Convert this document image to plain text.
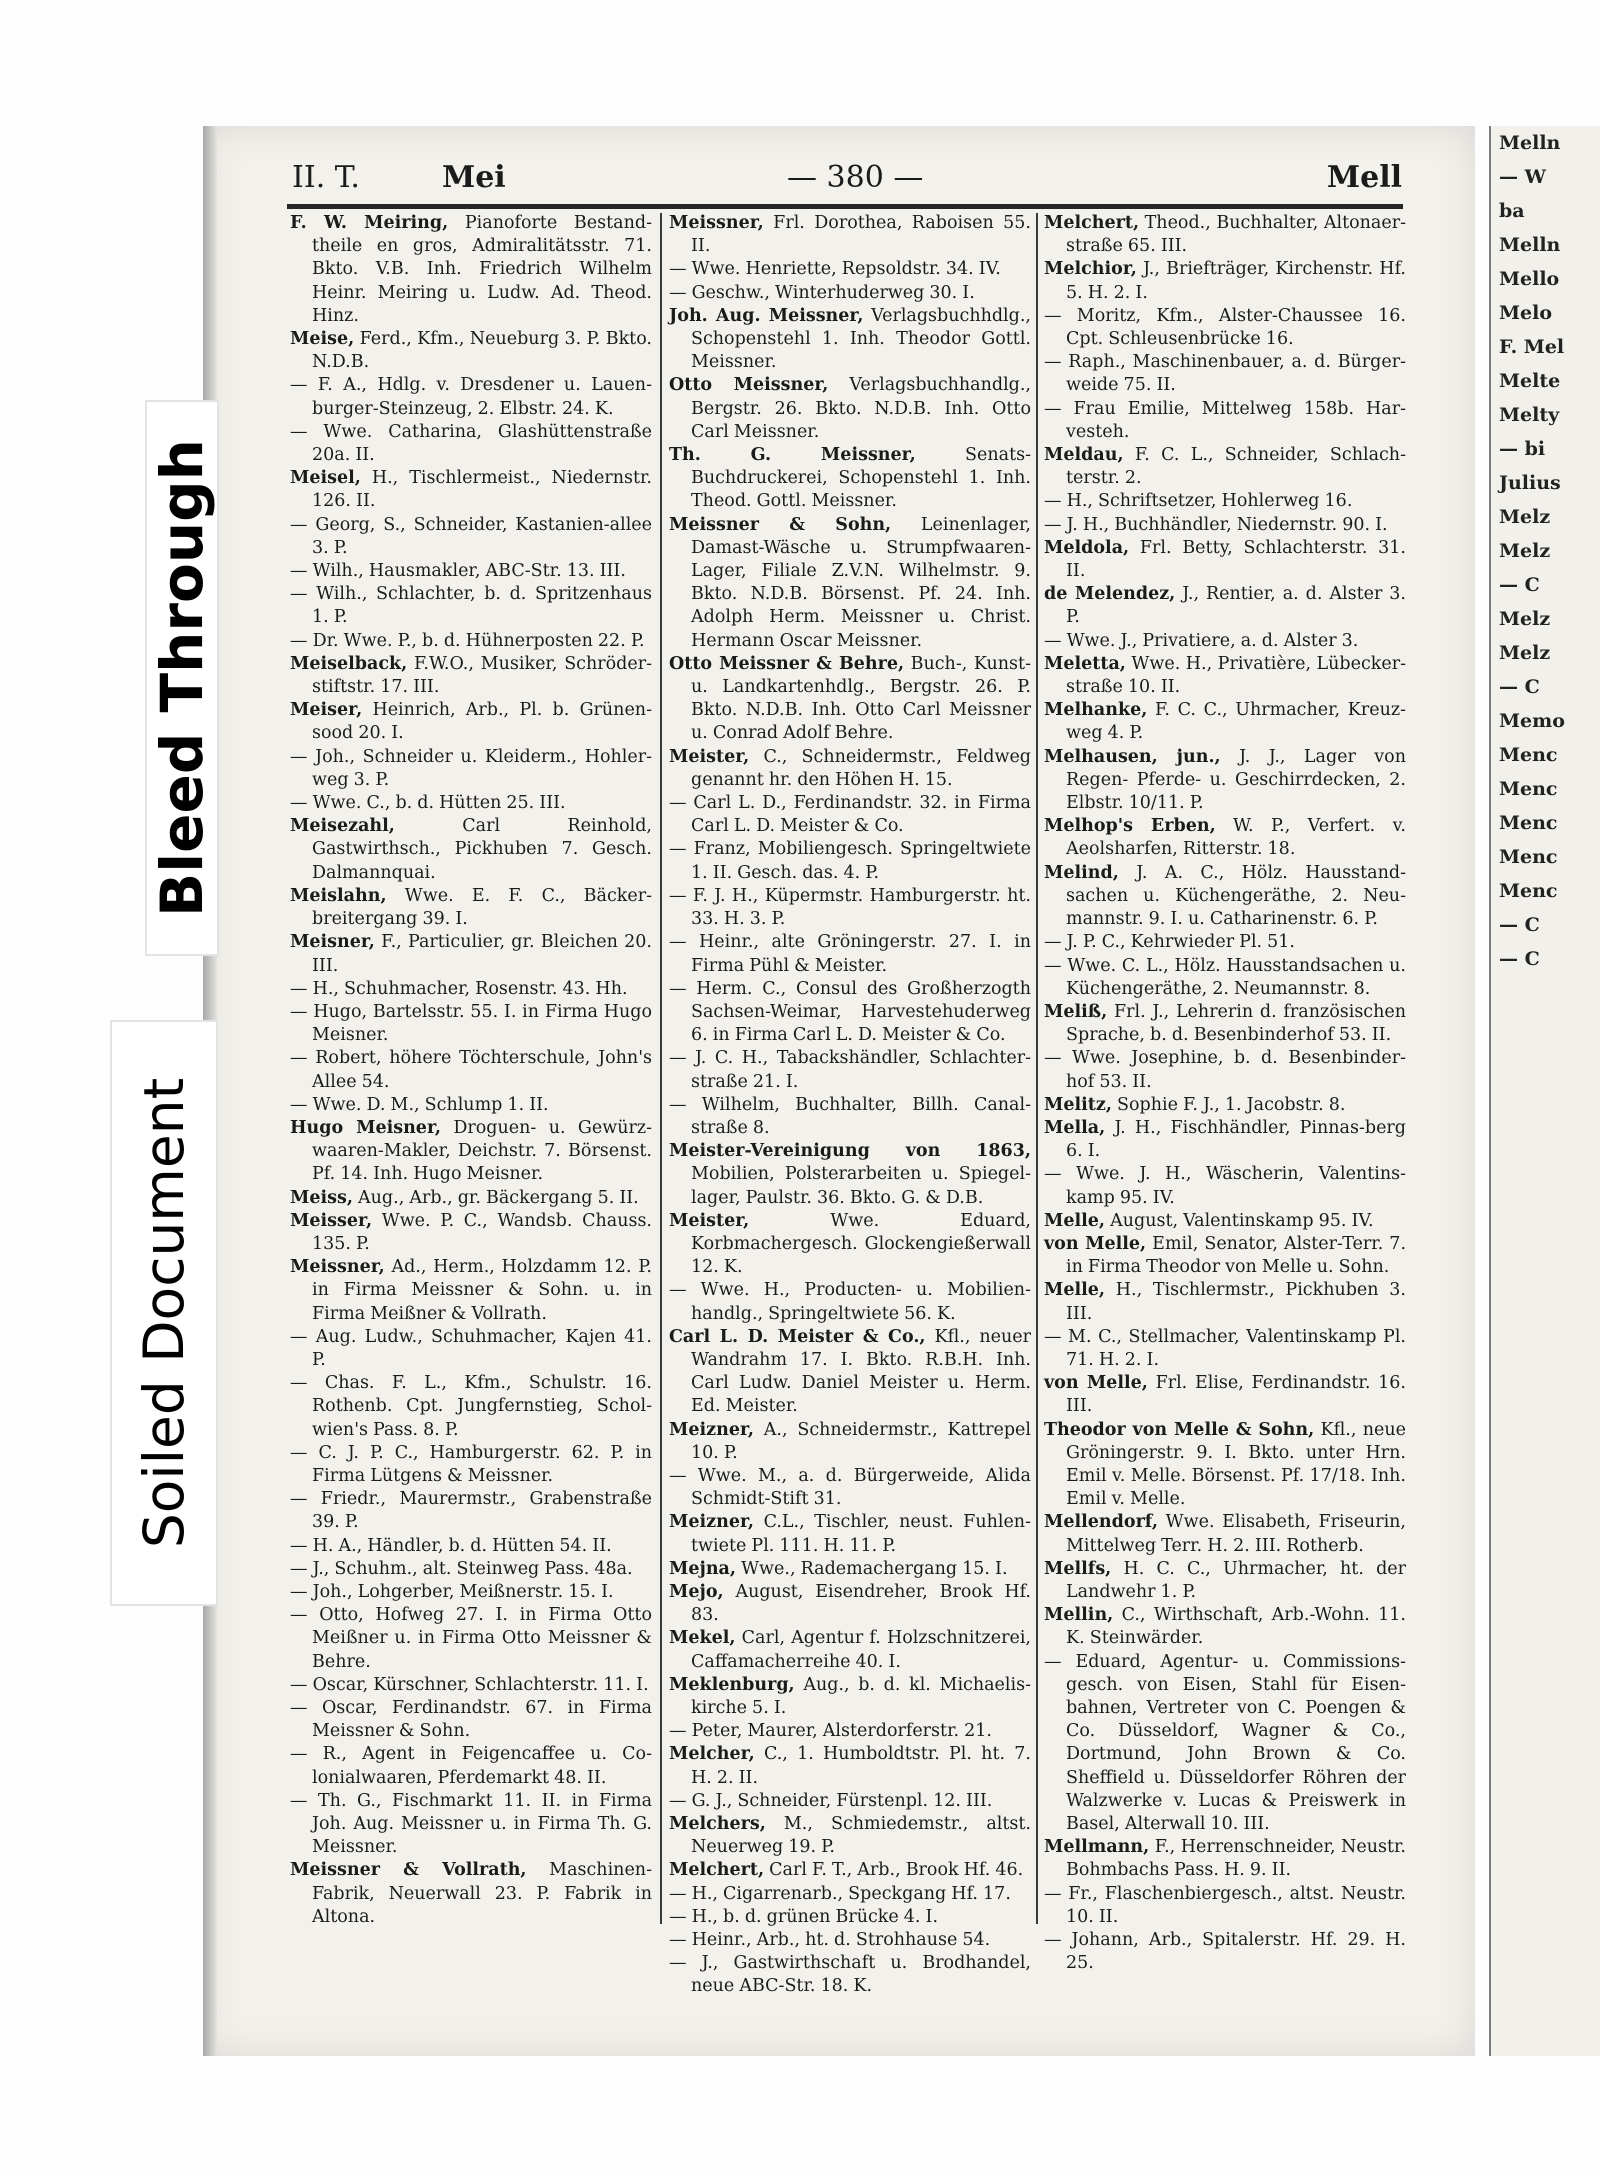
Melln
— W
ba
Melln
Mello
Melo
F. Mel
Melte
Melty
— bi
Julius
Melz
Melz
— C
Melz
Melz
— C
Memo
Menc
Menc
Menc
Menc
Menc
— C
— C
Bleed Through
Soiled Document
II. T.	Mei	— 380 —	Mell
F. W. Meiring, Pianoforte Bestand-theile en gros, Admiralitätsstr. 71. Bkto. V.B. Inh. Friedrich Wilhelm Heinr. Meiring u. Ludw. Ad. Theod. Hinz.
Meise, Ferd., Kfm., Neueburg 3. P. Bkto. N.D.B.
— F. A., Hdlg. v. Dresdener u. Lauen-burger-Steinzeug, 2. Elbstr. 24. K.
— Wwe. Catharina, Glashüttenstraße 20a. II.
Meisel, H., Tischlermeist., Niedernstr. 126. II.
— Georg, S., Schneider, Kastanien-allee 3. P.
— Wilh., Hausmakler, ABC-Str. 13. III.
— Wilh., Schlachter, b. d. Spritzenhaus 1. P.
— Dr. Wwe. P., b. d. Hühnerposten 22. P.
Meiselback, F.W.O., Musiker, Schröder-stiftstr. 17. III.
Meiser, Heinrich, Arb., Pl. b. Grünen-sood 20. I.
— Joh., Schneider u. Kleiderm., Hohler-weg 3. P.
— Wwe. C., b. d. Hütten 25. III.
Meisezahl, Carl Reinhold, Gastwirthsch., Pickhuben 7. Gesch. Dalmannquai.
Meislahn, Wwe. E. F. C., Bäcker-breitergang 39. I.
Meisner, F., Particulier, gr. Bleichen 20. III.
— H., Schuhmacher, Rosenstr. 43. Hh.
— Hugo, Bartelsstr. 55. I. in Firma Hugo Meisner.
— Robert, höhere Töchterschule, John's Allee 54.
— Wwe. D. M., Schlump 1. II.
Hugo Meisner, Droguen- u. Gewürz-waaren-Makler, Deichstr. 7. Börsenst. Pf. 14. Inh. Hugo Meisner.
Meiss, Aug., Arb., gr. Bäckergang 5. II.
Meisser, Wwe. P. C., Wandsb. Chauss. 135. P.
Meissner, Ad., Herm., Holzdamm 12. P. in Firma Meissner & Sohn. u. in Firma Meißner & Vollrath.
— Aug. Ludw., Schuhmacher, Kajen 41. P.
— Chas. F. L., Kfm., Schulstr. 16. Rothenb. Cpt. Jungfernstieg, Schol-wien's Pass. 8. P.
— C. J. P. C., Hamburgerstr. 62. P. in Firma Lütgens & Meissner.
— Friedr., Maurermstr., Grabenstraße 39. P.
— H. A., Händler, b. d. Hütten 54. II.
— J., Schuhm., alt. Steinweg Pass. 48a.
— Joh., Lohgerber, Meißnerstr. 15. I.
— Otto, Hofweg 27. I. in Firma Otto Meißner u. in Firma Otto Meissner & Behre.
— Oscar, Kürschner, Schlachterstr. 11. I.
— Oscar, Ferdinandstr. 67. in Firma Meissner & Sohn.
— R., Agent in Feigencaffee u. Co-lonialwaaren, Pferdemarkt 48. II.
— Th. G., Fischmarkt 11. II. in Firma Joh. Aug. Meissner u. in Firma Th. G. Meissner.
Meissner & Vollrath, Maschinen-Fabrik, Neuerwall 23. P. Fabrik in Altona.
Meissner, Frl. Dorothea, Raboisen 55. II.
— Wwe. Henriette, Repsoldstr. 34. IV.
— Geschw., Winterhuderweg 30. I.
Joh. Aug. Meissner, Verlagsbuchhdlg., Schopenstehl 1. Inh. Theodor Gottl. Meissner.
Otto Meissner, Verlagsbuchhandlg., Bergstr. 26. Bkto. N.D.B. Inh. Otto Carl Meissner.
Th. G. Meissner, Senats-Buchdruckerei, Schopenstehl 1. Inh. Theod. Gottl. Meissner.
Meissner & Sohn, Leinenlager, Damast-Wäsche u. Strumpfwaaren-Lager, Filiale Z.V.N. Wilhelmstr. 9. Bkto. N.D.B. Börsenst. Pf. 24. Inh. Adolph Herm. Meissner u. Christ. Hermann Oscar Meissner.
Otto Meissner & Behre, Buch-, Kunst- u. Landkartenhdlg., Bergstr. 26. P. Bkto. N.D.B. Inh. Otto Carl Meissner u. Conrad Adolf Behre.
Meister, C., Schneidermstr., Feldweg genannt hr. den Höhen H. 15.
— Carl L. D., Ferdinandstr. 32. in Firma Carl L. D. Meister & Co.
— Franz, Mobiliengesch. Springeltwiete 1. II. Gesch. das. 4. P.
— F. J. H., Küpermstr. Hamburgerstr. ht. 33. H. 3. P.
— Heinr., alte Gröningerstr. 27. I. in Firma Pühl & Meister.
— Herm. C., Consul des Großherzogth Sachsen-Weimar, Harvestehuderweg 6. in Firma Carl L. D. Meister & Co.
— J. C. H., Tabackshändler, Schlachter-straße 21. I.
— Wilhelm, Buchhalter, Billh. Canal-straße 8.
Meister-Vereinigung von 1863, Mobilien, Polsterarbeiten u. Spiegel-lager, Paulstr. 36. Bkto. G. & D.B.
Meister, Wwe. Eduard, Korbmachergesch. Glockengießerwall 12. K.
— Wwe. H., Producten- u. Mobilien-handlg., Springeltwiete 56. K.
Carl L. D. Meister & Co., Kfl., neuer Wandrahm 17. I. Bkto. R.B.H. Inh. Carl Ludw. Daniel Meister u. Herm. Ed. Meister.
Meizner, A., Schneidermstr., Kattrepel 10. P.
— Wwe. M., a. d. Bürgerweide, Alida Schmidt-Stift 31.
Meizner, C.L., Tischler, neust. Fuhlen-twiete Pl. 111. H. 11. P.
Mejna, Wwe., Rademachergang 15. I.
Mejo, August, Eisendreher, Brook Hf. 83.
Mekel, Carl, Agentur f. Holzschnitzerei, Caffamacherreihe 40. I.
Meklenburg, Aug., b. d. kl. Michaelis-kirche 5. I.
— Peter, Maurer, Alsterdorferstr. 21.
Melcher, C., 1. Humboldtstr. Pl. ht. 7. H. 2. II.
— G. J., Schneider, Fürstenpl. 12. III.
Melchers, M., Schmiedemstr., altst. Neuerweg 19. P.
Melchert, Carl F. T., Arb., Brook Hf. 46.
— H., Cigarrenarb., Speckgang Hf. 17.
— H., b. d. grünen Brücke 4. I.
— Heinr., Arb., ht. d. Strohhause 54.
— J., Gastwirthschaft u. Brodhandel, neue ABC-Str. 18. K.
Melchert, Theod., Buchhalter, Altonaer-straße 65. III.
Melchior, J., Briefträger, Kirchenstr. Hf. 5. H. 2. I.
— Moritz, Kfm., Alster-Chaussee 16. Cpt. Schleusenbrücke 16.
— Raph., Maschinenbauer, a. d. Bürger-weide 75. II.
— Frau Emilie, Mittelweg 158b. Har-vesteh.
Meldau, F. C. L., Schneider, Schlach-terstr. 2.
— H., Schriftsetzer, Hohlerweg 16.
— J. H., Buchhändler, Niedernstr. 90. I.
Meldola, Frl. Betty, Schlachterstr. 31. II.
de Melendez, J., Rentier, a. d. Alster 3. P.
— Wwe. J., Privatiere, a. d. Alster 3.
Meletta, Wwe. H., Privatière, Lübecker-straße 10. II.
Melhanke, F. C. C., Uhrmacher, Kreuz-weg 4. P.
Melhausen, jun., J. J., Lager von Regen- Pferde- u. Geschirrdecken, 2. Elbstr. 10/11. P.
Melhop's Erben, W. P., Verfert. v. Aeolsharfen, Ritterstr. 18.
Melind, J. A. C., Hölz. Hausstand-sachen u. Küchengeräthe, 2. Neu-mannstr. 9. I. u. Catharinenstr. 6. P.
— J. P. C., Kehrwieder Pl. 51.
— Wwe. C. L., Hölz. Hausstandsachen u. Küchengeräthe, 2. Neumannstr. 8.
Meliß, Frl. J., Lehrerin d. französischen Sprache, b. d. Besenbinderhof 53. II.
— Wwe. Josephine, b. d. Besenbinder-hof 53. II.
Melitz, Sophie F. J., 1. Jacobstr. 8.
Mella, J. H., Fischhändler, Pinnas-berg 6. I.
— Wwe. J. H., Wäscherin, Valentins-kamp 95. IV.
Melle, August, Valentinskamp 95. IV.
von Melle, Emil, Senator, Alster-Terr. 7. in Firma Theodor von Melle u. Sohn.
Melle, H., Tischlermstr., Pickhuben 3. III.
— M. C., Stellmacher, Valentinskamp Pl. 71. H. 2. I.
von Melle, Frl. Elise, Ferdinandstr. 16. III.
Theodor von Melle & Sohn, Kfl., neue Gröningerstr. 9. I. Bkto. unter Hrn. Emil v. Melle. Börsenst. Pf. 17/18. Inh. Emil v. Melle.
Mellendorf, Wwe. Elisabeth, Friseurin, Mittelweg Terr. H. 2. III. Rotherb.
Mellfs, H. C. C., Uhrmacher, ht. der Landwehr 1. P.
Mellin, C., Wirthschaft, Arb.-Wohn. 11. K. Steinwärder.
— Eduard, Agentur- u. Commissions-gesch. von Eisen, Stahl für Eisen-bahnen, Vertreter von C. Poengen & Co. Düsseldorf, Wagner & Co., Dortmund, John Brown & Co. Sheffield u. Düsseldorfer Röhren der Walzwerke v. Lucas & Preiswerk in Basel, Alterwall 10. III.
Mellmann, F., Herrenschneider, Neustr. Bohmbachs Pass. H. 9. II.
— Fr., Flaschenbiergesch., altst. Neustr. 10. II.
— Johann, Arb., Spitalerstr. Hf. 29. H. 25.
